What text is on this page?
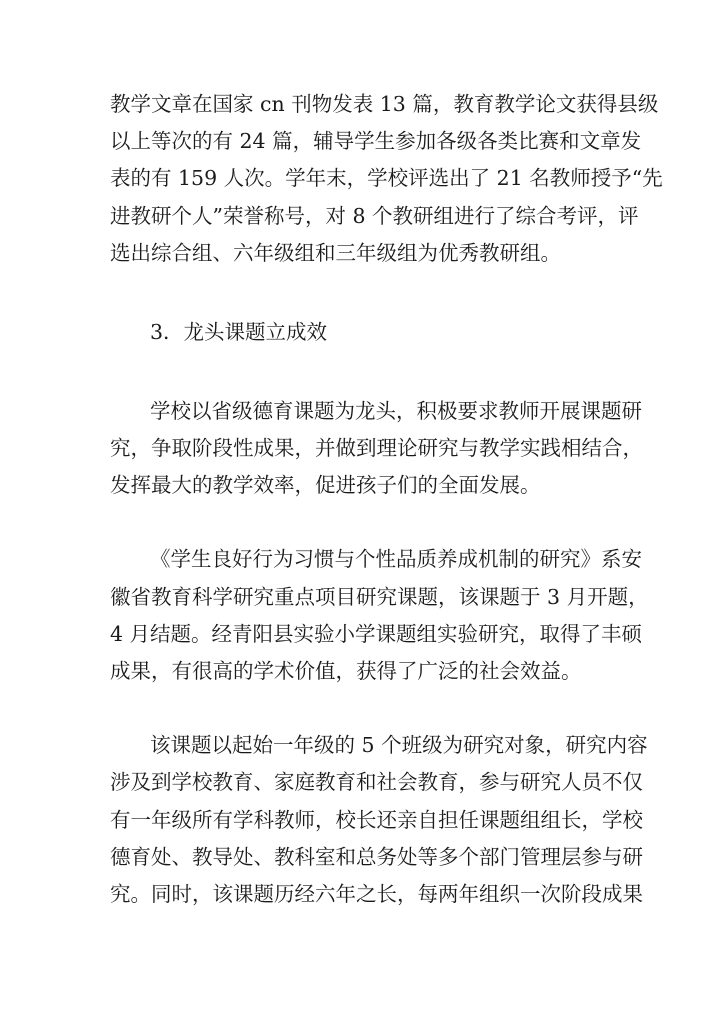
教学文章在国家 cn 刊物发表 13 篇，教育教学论文获得县级
以上等次的有 24 篇，辅导学生参加各级各类比赛和文章发
表的有 159 人次。学年末，学校评选出了 21 名教师授予“先
进教研个人”荣誉称号，对 8 个教研组进行了综合考评，评
选出综合组、六年级组和三年级组为优秀教研组。
3．龙头课题立成效
学校以省级德育课题为龙头，积极要求教师开展课题研
究，争取阶段性成果，并做到理论研究与教学实践相结合，
发挥最大的教学效率，促进孩子们的全面发展。
《学生良好行为习惯与个性品质养成机制的研究》系安
徽省教育科学研究重点项目研究课题，该课题于 3 月开题，
4 月结题。经青阳县实验小学课题组实验研究，取得了丰硕
成果，有很高的学术价值，获得了广泛的社会效益。
该课题以起始一年级的 5 个班级为研究对象，研究内容
涉及到学校教育、家庭教育和社会教育，参与研究人员不仅
有一年级所有学科教师，校长还亲自担任课题组组长，学校
德育处、教导处、教科室和总务处等多个部门管理层参与研
究。同时，该课题历经六年之长，每两年组织一次阶段成果
